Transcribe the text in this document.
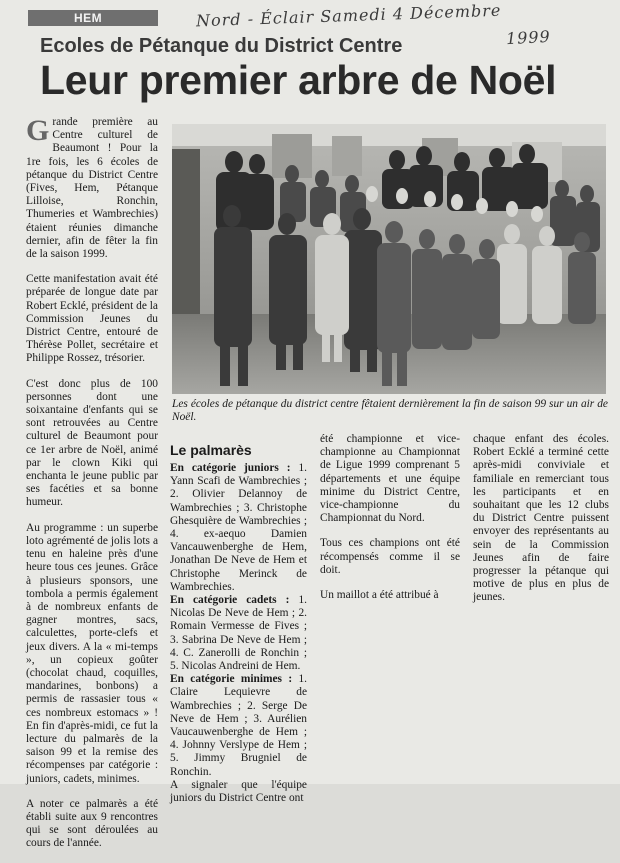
HEM	Nord - Éclair Samedi 4 Décembre
1999
Ecoles de Pétanque du District Centre
Leur premier arbre de Noël

Grande première au Centre culturel de Beaumont ! Pour la 1re fois, les 6 écoles de pétanque du District Centre (Fives, Hem, Pétanque Lilloise, Ronchin, Thumeries et Wambrechies) étaient réunies dimanche dernier, afin de fêter la fin de la saison 1999.

Cette manifestation avait été préparée de longue date par Robert Ecklé, président de la Commission Jeunes du District Centre, entouré de Thérèse Pollet, secrétaire et Philippe Rossez, trésorier.

C'est donc plus de 100 personnes dont une soixantaine d'enfants qui se sont retrouvées au Centre culturel de Beaumont pour ce 1er arbre de Noël, animé par le clown Kiki qui enchanta le jeune public par ses facéties et sa bonne humeur.

Au programme : un superbe loto agrémenté de jolis lots a tenu en haleine près d'une heure tous ces jeunes. Grâce à plusieurs sponsors, une tombola a permis également à de nombreux enfants de gagner montres, sacs, calculettes, porte-clefs et jeux divers. A la « mi-temps », un copieux goûter (chocolat chaud, coquilles, mandarines, bonbons) a permis de rassasier tous « ces nombreux estomacs » ! En fin d'après-midi, ce fut la lecture du palmarès de la saison 99 et la remise des récompenses par catégorie : juniors, cadets, minimes.

A noter ce palmarès a été établi suite aux 9 rencontres qui se sont déroulées au cours de l'année.

Les écoles de pétanque du district centre fêtaient dernièrement la fin de saison 99 sur un air de Noël.
Le palmarès

En catégorie juniors : 1. Yann Scafi de Wambrechies ; 2. Olivier Delannoy de Wambrechies ; 3. Christophe Ghesquière de Wambrechies ; 4. ex-aequo Damien Vancauwenberghe de Hem, Jonathan De Neve de Hem et Christophe Merinck de Wambrechies.

En catégorie cadets : 1. Nicolas De Neve de Hem ; 2. Romain Vermesse de Fives ; 3. Sabrina De Neve de Hem ; 4. C. Zanerolli de Ronchin ; 5. Nicolas Andreini de Hem.

En catégorie minimes : 1. Claire Lequievre de Wambrechies ; 2. Serge De Neve de Hem ; 3. Aurélien Vaucauwenberghe de Hem ; 4. Johnny Verslype de Hem ; 5. Jimmy Brugniel de Ronchin.

A signaler que l'équipe juniors du District Centre ont

été championne et vice-championne au Championnat de Ligue 1999 comprenant 5 départements et une équipe minime du District Centre, vice-championne du Championnat du Nord.

Tous ces champions ont été récompensés comme il se doit.

Un maillot a été attribué à

chaque enfant des écoles. Robert Ecklé a terminé cette après-midi conviviale et familiale en remerciant tous les participants et en souhaitant que les 12 clubs du District Centre puissent envoyer des représentants au sein de la Commission Jeunes afin de faire progresser la pétanque qui motive de plus en plus de jeunes.
